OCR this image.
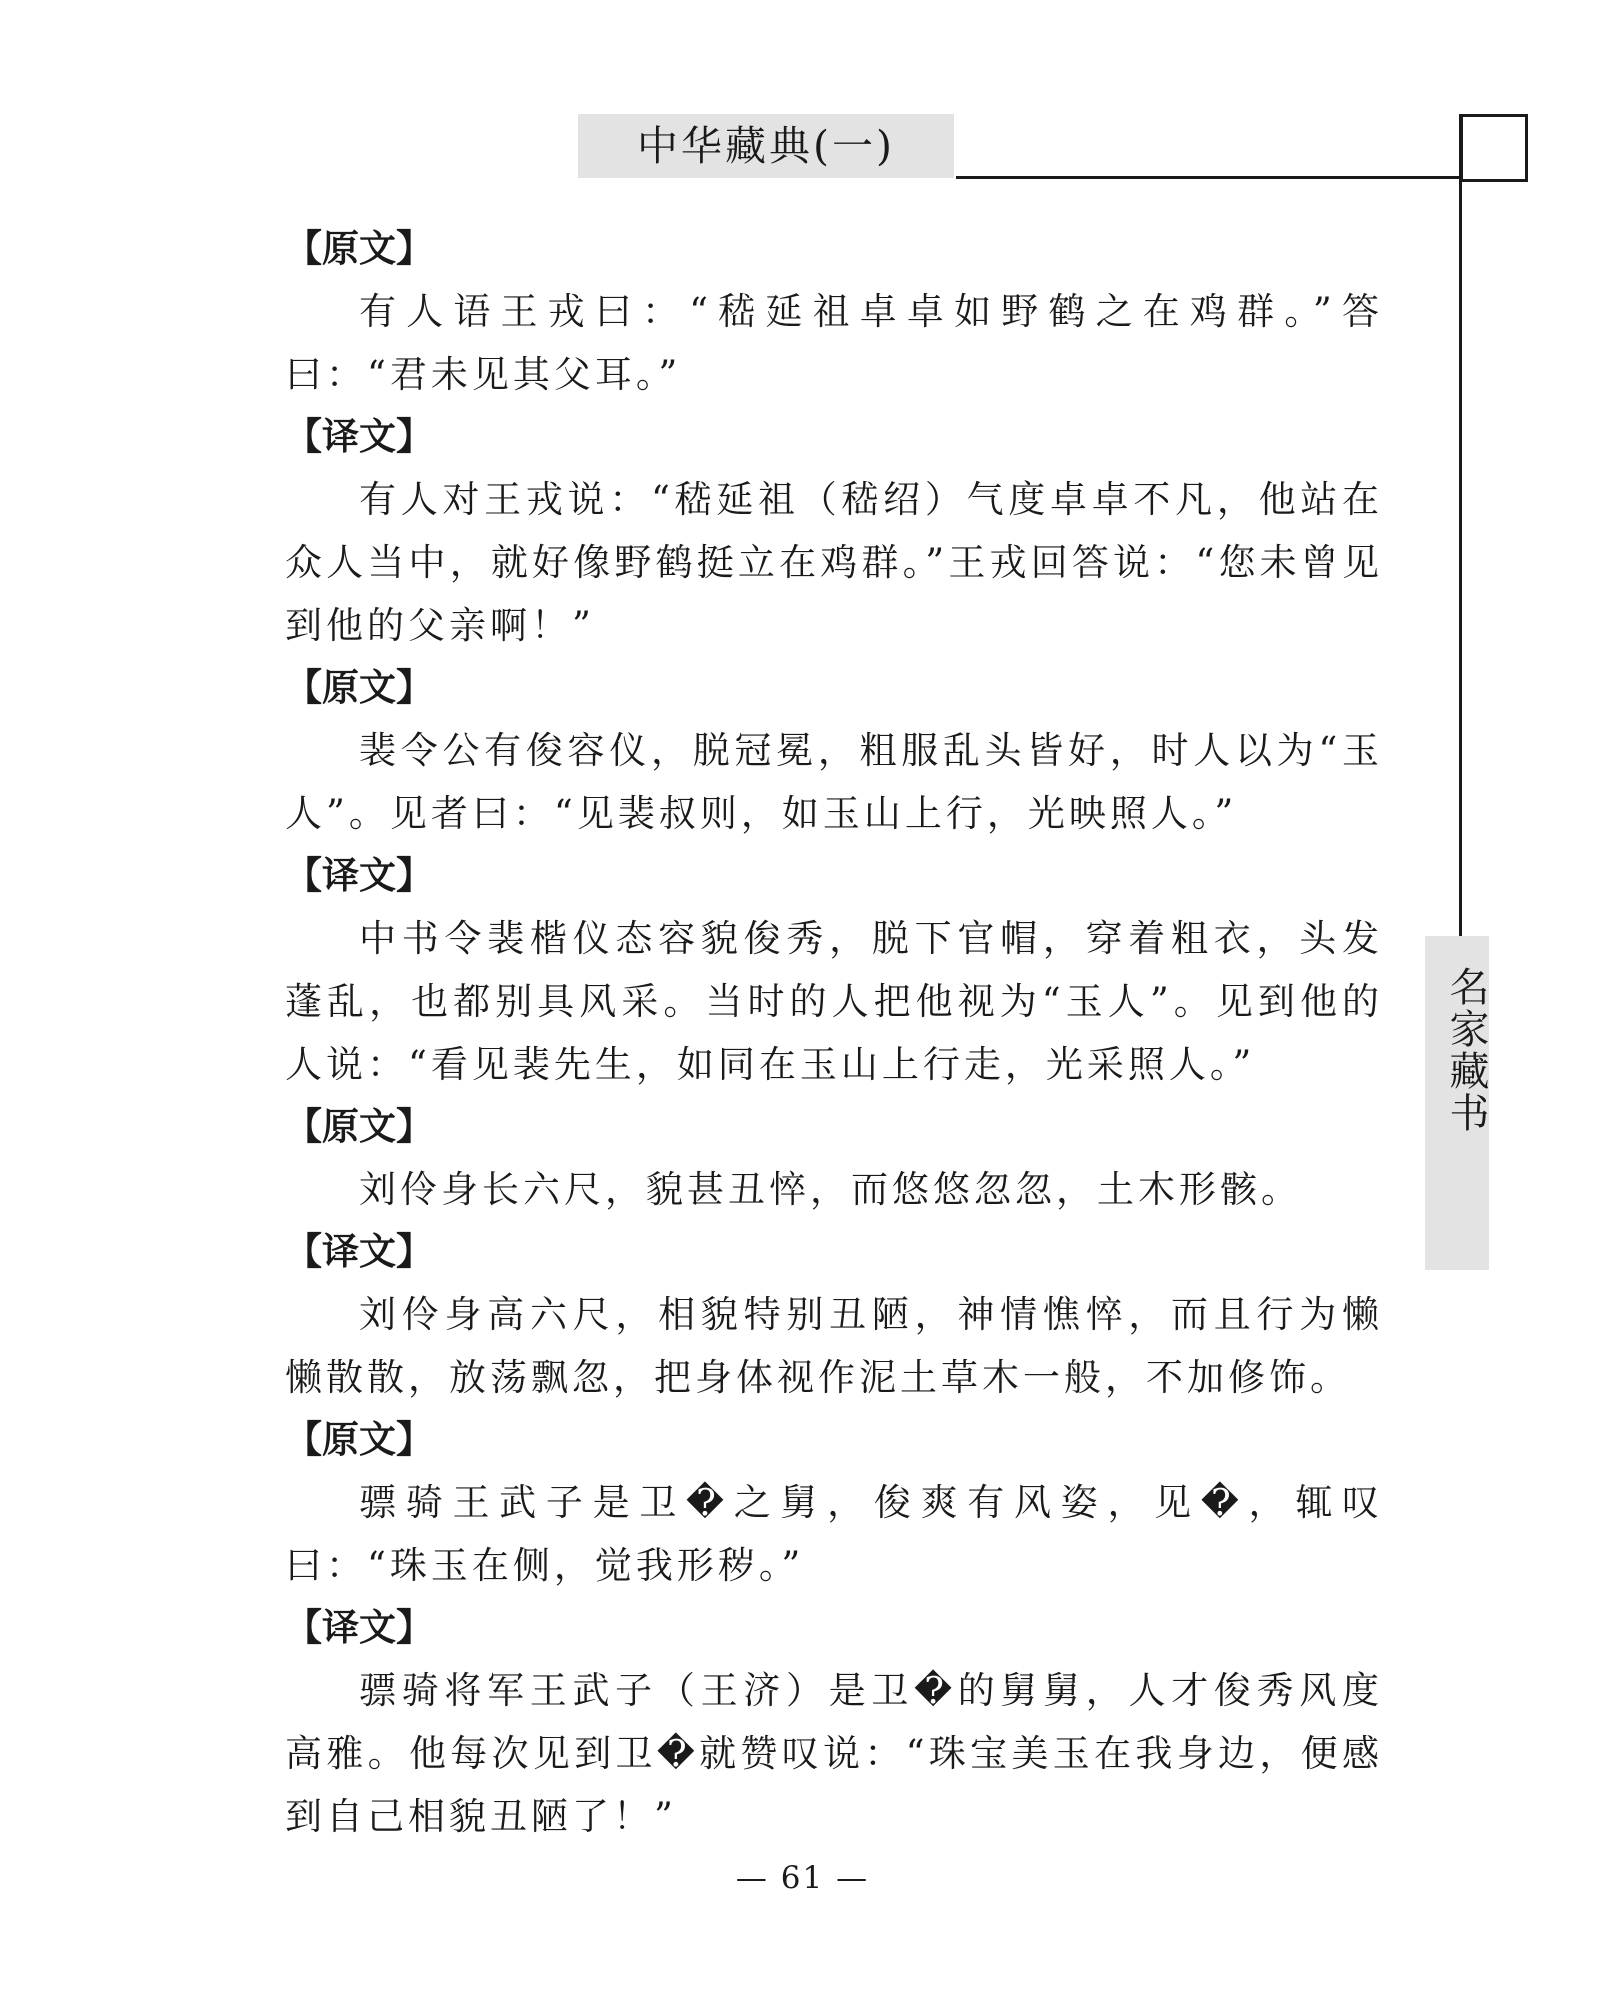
中华藏典(一)
名家藏书

【原文】

有人语王戎曰：“嵇延祖卓卓如野鹤之在鸡群。”答曰：“君未见其父耳。”

【译文】

有人对王戎说：“嵇延祖（嵇绍）气度卓卓不凡，他站在众人当中，就好像野鹤挺立在鸡群。”王戎回答说：“您未曾见到他的父亲啊！”

【原文】

裴令公有俊容仪，脱冠冕，粗服乱头皆好，时人以为“玉人”。见者曰：“见裴叔则，如玉山上行，光映照人。”

【译文】

中书令裴楷仪态容貌俊秀，脱下官帽，穿着粗衣，头发蓬乱，也都别具风采。当时的人把他视为“玉人”。见到他的人说：“看见裴先生，如同在玉山上行走，光采照人。”

【原文】

刘伶身长六尺，貌甚丑悴，而悠悠忽忽，土木形骸。

【译文】

刘伶身高六尺，相貌特别丑陋，神情憔悴，而且行为懒懒散散，放荡飘忽，把身体视作泥土草木一般，不加修饰。

【原文】

骠骑王武子是卫�之舅，俊爽有风姿，见�，辄叹曰：“珠玉在侧，觉我形秽。”

【译文】

骠骑将军王武子（王济）是卫�的舅舅，人才俊秀风度高雅。他每次见到卫�就赞叹说：“珠宝美玉在我身边，便感到自己相貌丑陋了！”

— 61 —
